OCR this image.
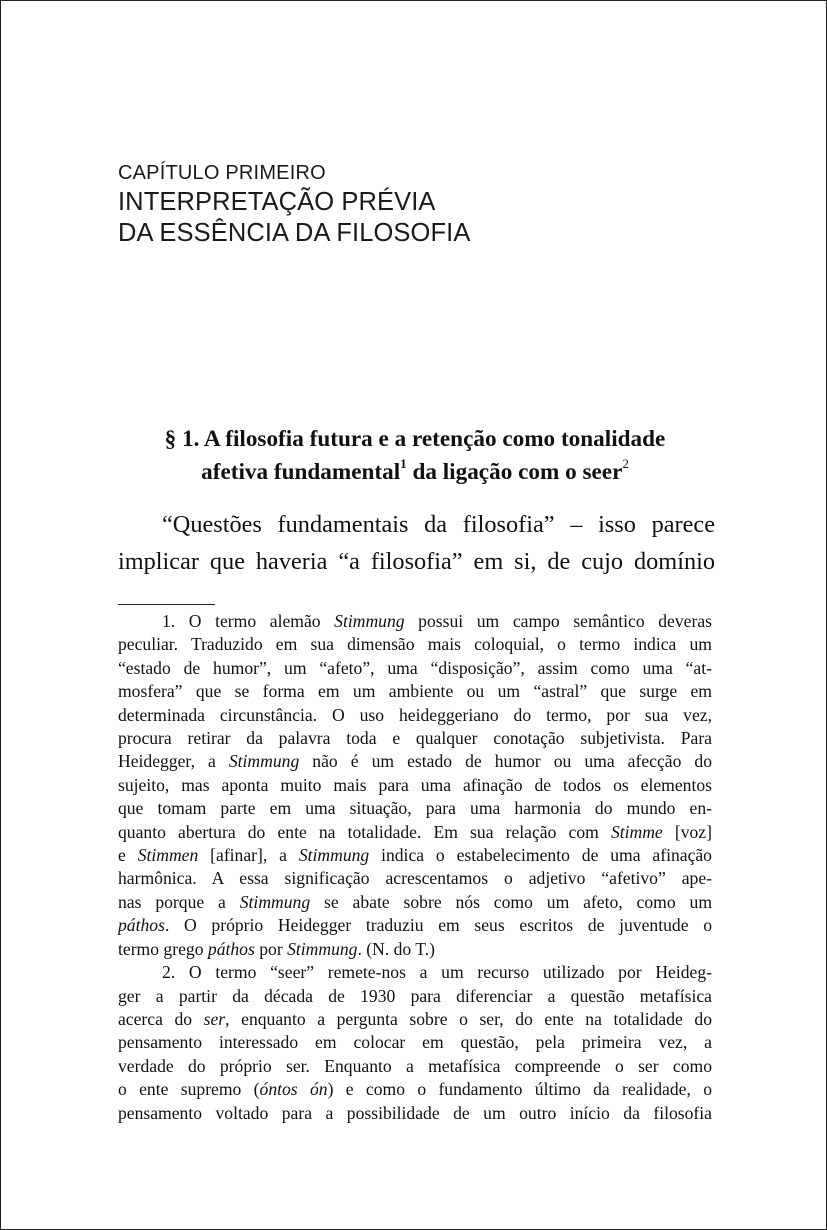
CAPÍTULO PRIMEIRO
INTERPRETAÇÃO PRÉVIA
DA ESSÊNCIA DA FILOSOFIA
§ 1. A filosofia futura e a retenção como tonalidade
afetiva fundamental$^1$ da ligação com o seer$^2$
“Questões fundamentais da filosofia” – isso parece
implicar que haveria “a filosofia” em si, de cujo domínio
1. O termo alemão Stimmung possui um campo semântico deveras
peculiar. Traduzido em sua dimensão mais coloquial, o termo indica um
“estado de humor”, um “afeto”, uma “disposição”, assim como uma “at-
mosfera” que se forma em um ambiente ou um “astral” que surge em
determinada circunstância. O uso heideggeriano do termo, por sua vez,
procura retirar da palavra toda e qualquer conotação subjetivista. Para
Heidegger, a Stimmung não é um estado de humor ou uma afecção do
sujeito, mas aponta muito mais para uma afinação de todos os elementos
que tomam parte em uma situação, para uma harmonia do mundo en-
quanto abertura do ente na totalidade. Em sua relação com Stimme [voz]
e Stimmen [afinar], a Stimmung indica o estabelecimento de uma afinação
harmônica. A essa significação acrescentamos o adjetivo “afetivo” ape-
nas porque a Stimmung se abate sobre nós como um afeto, como um
páthos. O próprio Heidegger traduziu em seus escritos de juventude o
termo grego páthos por Stimmung. (N. do T.)
2. O termo “seer” remete-nos a um recurso utilizado por Heideg-
ger a partir da década de 1930 para diferenciar a questão metafísica
acerca do ser, enquanto a pergunta sobre o ser, do ente na totalidade do
pensamento interessado em colocar em questão, pela primeira vez, a
verdade do próprio ser. Enquanto a metafísica compreende o ser como
o ente supremo (óntos ón) e como o fundamento último da realidade, o
pensamento voltado para a possibilidade de um outro início da filosofia
